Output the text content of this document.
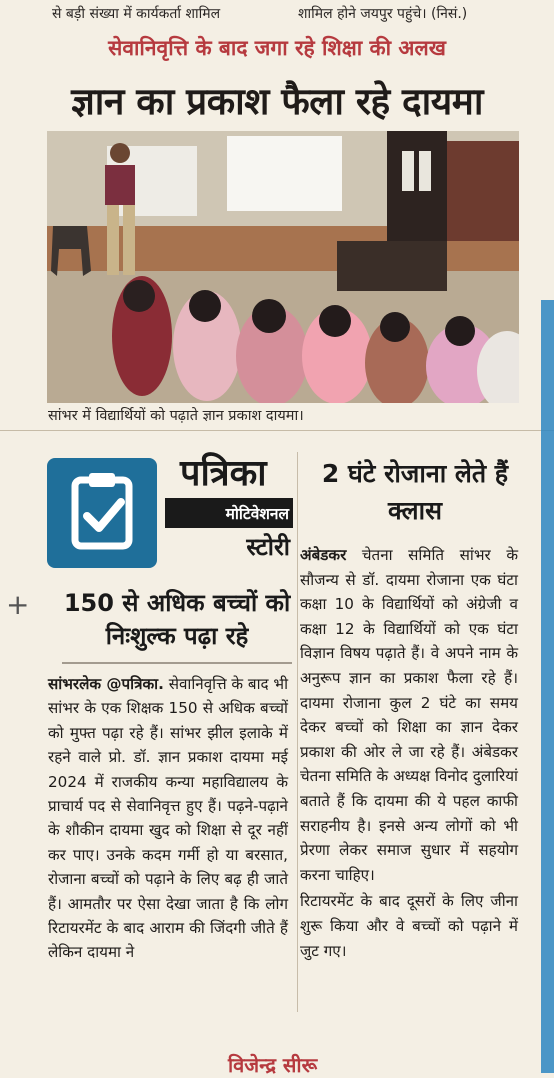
से बड़ी संख्या में कार्यकर्ता शामिल	शामिल होने जयपुर पहुंचे। (निसं.)
सेवानिवृत्ति के बाद जगा रहे शिक्षा की अलख
ज्ञान का प्रकाश फैला रहे दायमा
सांभर में विद्यार्थियों को पढ़ाते ज्ञान प्रकाश दायमा।
पत्रिका
मोटिवेशनल
स्टोरी
+ 150 से अधिक बच्चों को निःशुल्क पढ़ा रहे

सांभरलेक @पत्रिका. सेवानिवृत्ति के बाद भी सांभर के एक शिक्षक 150 से अधिक बच्चों को मुफ्त पढ़ा रहे हैं। सांभर झील इलाके में रहने वाले प्रो. डॉ. ज्ञान प्रकाश दायमा मई 2024 में राजकीय कन्या महाविद्यालय के प्राचार्य पद से सेवानिवृत्त हुए हैं। पढ़ने-पढ़ाने के शौकीन दायमा खुद को शिक्षा से दूर नहीं कर पाए। उनके कदम गर्मी हो या बरसात, रोजाना बच्चों को पढ़ाने के लिए बढ़ ही जाते हैं। आमतौर पर ऐसा देखा जाता है कि लोग रिटायरमेंट के बाद आराम की जिंदगी जीते हैं लेकिन दायमा ने

2 घंटे रोजाना लेते हैं क्लास

अंबेडकर चेतना समिति सांभर के सौजन्य से डॉ. दायमा रोजाना एक घंटा कक्षा 10 के विद्यार्थियों को अंग्रेजी व कक्षा 12 के विद्यार्थियों को एक घंटा विज्ञान विषय पढ़ाते हैं। वे अपने नाम के अनुरूप ज्ञान का प्रकाश फैला रहे हैं। दायमा रोजाना कुल 2 घंटे का समय देकर बच्चों को शिक्षा का ज्ञान देकर प्रकाश की ओर ले जा रहे हैं। अंबेडकर चेतना समिति के अध्यक्ष विनोद दुलारियां बताते हैं कि दायमा की ये पहल काफी सराहनीय है। इनसे अन्य लोगों को भी प्रेरणा लेकर समाज सुधार में सहयोग करना चाहिए।

रिटायरमेंट के बाद दूसरों के लिए जीना शुरू किया और वे बच्चों को पढ़ाने में जुट गए।

विजेन्द्र सीरू
